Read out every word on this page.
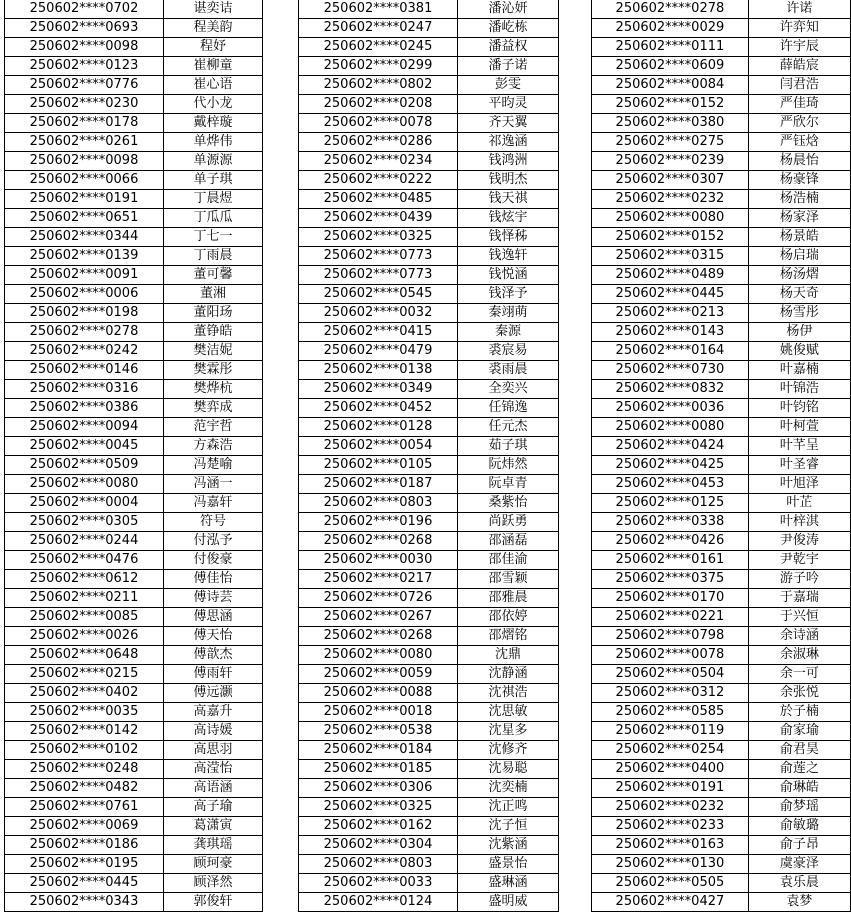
250602****0702	谌奕诘
250602****0693	程美韵
250602****0098	程妤
250602****0123	崔柳童
250602****0776	崔心语
250602****0230	代小龙
250602****0178	戴梓璇
250602****0261	单烨伟
250602****0098	单源源
250602****0066	单子琪
250602****0191	丁晨煜
250602****0651	丁瓜瓜
250602****0344	丁七一
250602****0139	丁雨晨
250602****0091	董可馨
250602****0006	董湘
250602****0198	董阳玚
250602****0278	董铮皓
250602****0242	樊洁妮
250602****0146	樊霖彤
250602****0316	樊烨杭
250602****0386	樊弈成
250602****0094	范宇哲
250602****0045	方森浩
250602****0509	冯楚喻
250602****0080	冯涵一
250602****0004	冯嘉轩
250602****0305	符号
250602****0244	付泓予
250602****0476	付俊豪
250602****0612	傅佳怡
250602****0211	傅诗芸
250602****0085	傅思涵
250602****0026	傅天怡
250602****0648	傅歆杰
250602****0215	傅雨轩
250602****0402	傅远灏
250602****0035	高嘉升
250602****0142	高诗媛
250602****0102	高思羽
250602****0248	高滢怡
250602****0482	高语涵
250602****0761	高子瑜
250602****0069	葛潇寅
250602****0186	龚琪瑶
250602****0195	顾珂豪
250602****0445	顾泽然
250602****0343	郭俊轩
250602****0381	潘沁妍
250602****0247	潘屹栋
250602****0245	潘益权
250602****0299	潘子诺
250602****0802	彭雯
250602****0208	平昀灵
250602****0078	齐天翼
250602****0286	祁逸涵
250602****0234	钱鸿洲
250602****0222	钱明杰
250602****0485	钱天祺
250602****0439	钱炫宇
250602****0325	钱怿秭
250602****0773	钱逸轩
250602****0773	钱悦涵
250602****0545	钱泽予
250602****0032	秦翊萌
250602****0415	秦源
250602****0479	裘宸易
250602****0138	裘雨晨
250602****0349	全奕兴
250602****0452	任锦逸
250602****0128	任元杰
250602****0054	茹子琪
250602****0105	阮炜然
250602****0187	阮卓青
250602****0803	桑紫怡
250602****0196	尚跃勇
250602****0268	邵涵磊
250602****0030	邵佳渝
250602****0217	邵雪颖
250602****0726	邵雅晨
250602****0267	邵依婷
250602****0268	邵熠铭
250602****0080	沈鼎
250602****0059	沈静涵
250602****0088	沈祺浩
250602****0018	沈思敏
250602****0538	沈星多
250602****0184	沈修齐
250602****0185	沈易聪
250602****0306	沈奕楠
250602****0325	沈正鸣
250602****0162	沈子恒
250602****0304	沈紫涵
250602****0803	盛景怡
250602****0033	盛琳涵
250602****0124	盛明威
250602****0278	许诺
250602****0029	许弈知
250602****0111	许宇辰
250602****0609	薛皓宸
250602****0084	闫君浩
250602****0152	严佳琦
250602****0380	严欣尔
250602****0275	严钰焓
250602****0239	杨晨怡
250602****0307	杨豪锋
250602****0232	杨浩楠
250602****0080	杨家泽
250602****0152	杨景皓
250602****0315	杨启瑞
250602****0489	杨汤熠
250602****0445	杨天奇
250602****0213	杨雪彤
250602****0143	杨伊
250602****0164	姚俊赋
250602****0730	叶嘉楠
250602****0832	叶锦浩
250602****0036	叶钧铭
250602****0080	叶柯萱
250602****0424	叶芊呈
250602****0425	叶圣睿
250602****0453	叶旭泽
250602****0125	叶芷
250602****0338	叶梓淇
250602****0426	尹俊涛
250602****0161	尹乾宇
250602****0375	游子吟
250602****0170	于嘉瑞
250602****0221	于兴恒
250602****0798	余诗涵
250602****0078	余淑琳
250602****0504	余一可
250602****0312	余张悦
250602****0585	於子楠
250602****0119	俞家瑜
250602****0254	俞君昊
250602****0400	俞莲之
250602****0191	俞琳皓
250602****0232	俞梦瑶
250602****0233	俞敏璐
250602****0163	俞子昂
250602****0130	虞豪泽
250602****0505	袁乐晨
250602****0427	袁梦
